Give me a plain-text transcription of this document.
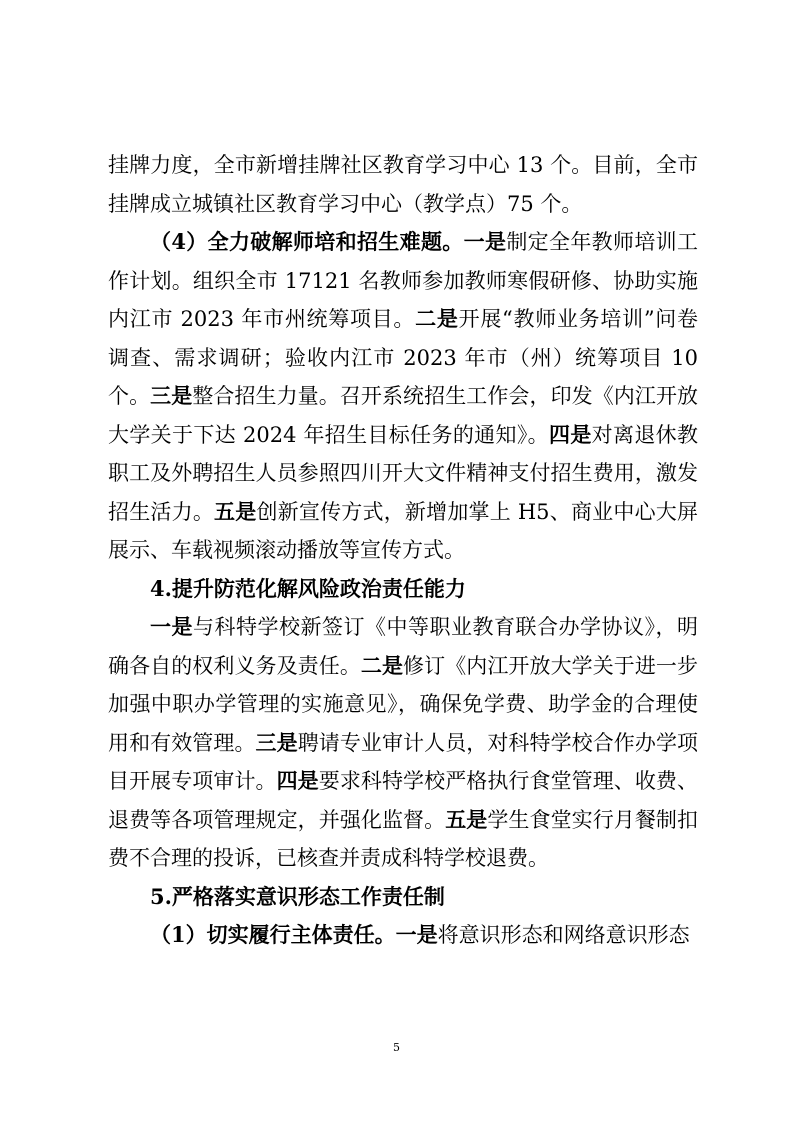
挂牌力度，全市新增挂牌社区教育学习中心 13 个。目前，全市挂牌成立城镇社区教育学习中心（教学点）75 个。

（4）全力破解师培和招生难题。一是制定全年教师培训工作计划。组织全市 17121 名教师参加教师寒假研修、协助实施内江市 2023 年市州统筹项目。二是开展“教师业务培训”问卷调查、需求调研；验收内江市 2023 年市（州）统筹项目 10 个。三是整合招生力量。召开系统招生工作会，印发《内江开放大学关于下达 2024 年招生目标任务的通知》。四是对离退休教职工及外聘招生人员参照四川开大文件精神支付招生费用，激发招生活力。五是创新宣传方式，新增加掌上 H5、商业中心大屏展示、车载视频滚动播放等宣传方式。

4.提升防范化解风险政治责任能力

一是与科特学校新签订《中等职业教育联合办学协议》，明确各自的权利义务及责任。二是修订《内江开放大学关于进一步加强中职办学管理的实施意见》，确保免学费、助学金的合理使用和有效管理。三是聘请专业审计人员，对科特学校合作办学项目开展专项审计。四是要求科特学校严格执行食堂管理、收费、退费等各项管理规定，并强化监督。五是学生食堂实行月餐制扣费不合理的投诉，已核查并责成科特学校退费。

5.严格落实意识形态工作责任制

（1）切实履行主体责任。一是将意识形态和网络意识形态

5
